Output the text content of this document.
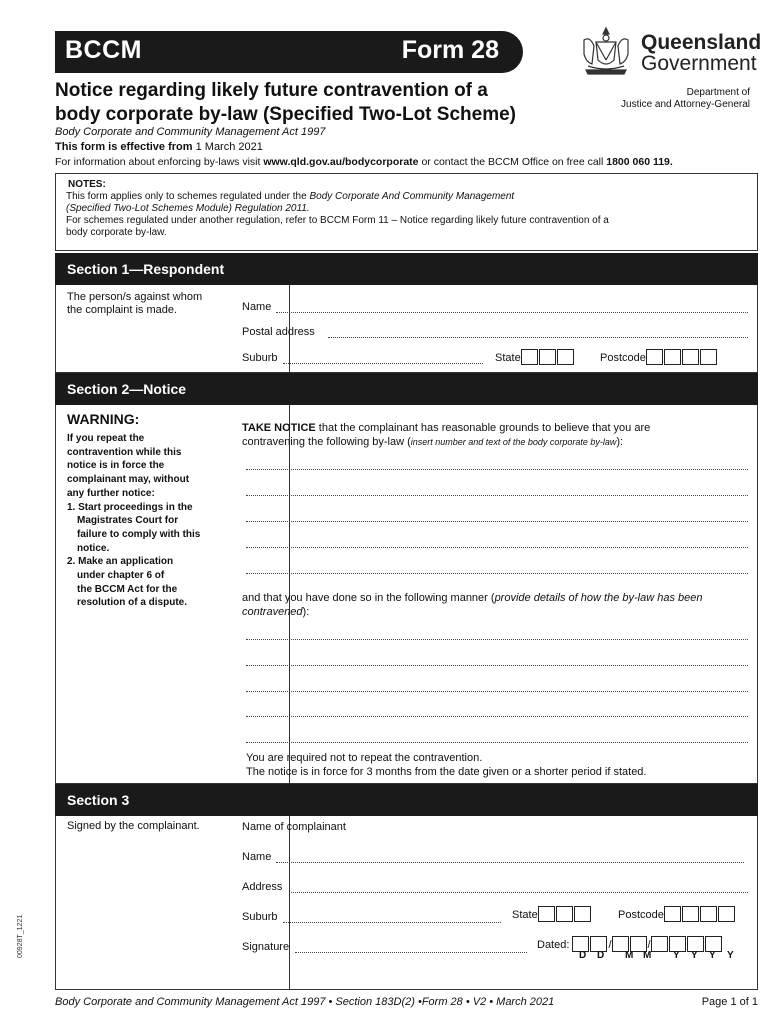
BCCM	Form 28	Queensland
Government
Notice regarding likely future contravention of a
body corporate by-law (Specified Two-Lot Scheme)
Department of
Justice and Attorney-General
Body Corporate and Community Management Act 1997
This form is effective from 1 March 2021
For information about enforcing by-laws visit www.qld.gov.au/bodycorporate or contact the BCCM Office on free call 1800 060 119.
NOTES:
This form applies only to schemes regulated under the Body Corporate And Community Management
(Specified Two-Lot Schemes Module) Regulation 2011.
For schemes regulated under another regulation, refer to BCCM Form 11 – Notice regarding likely future contravention of a
body corporate by-law.
Section 1—Respondent
The person/s against whom
the complaint is made.	Name
Postal address
Suburb	State	Postcode
Section 2—Notice
WARNING:
If you repeat the
contravention while this
notice is in force the
complainant may, without
any further notice:
1. Start proceedings in the
Magistrates Court for
failure to comply with this
notice.
2. Make an application
under chapter 6 of
the BCCM Act for the
resolution of a dispute.
TAKE NOTICE that the complainant has reasonable grounds to believe that you are
contravening the following by-law (insert number and text of the body corporate by-law):
and that you have done so in the following manner (provide details of how the by-law has been
contravened):
You are required not to repeat the contravention.
The notice is in force for 3 months from the date given or a shorter period if stated.
Section 3
Signed by the complainant.	Name of complainant
Name
Address
Suburb	State	Postcode
Signature	Dated:	/	/
D D M M Y Y Y Y
00928T_1221
Body Corporate and Community Management Act 1997 • Section 183D(2) •Form 28 • V2 • March 2021	Page 1 of 1
